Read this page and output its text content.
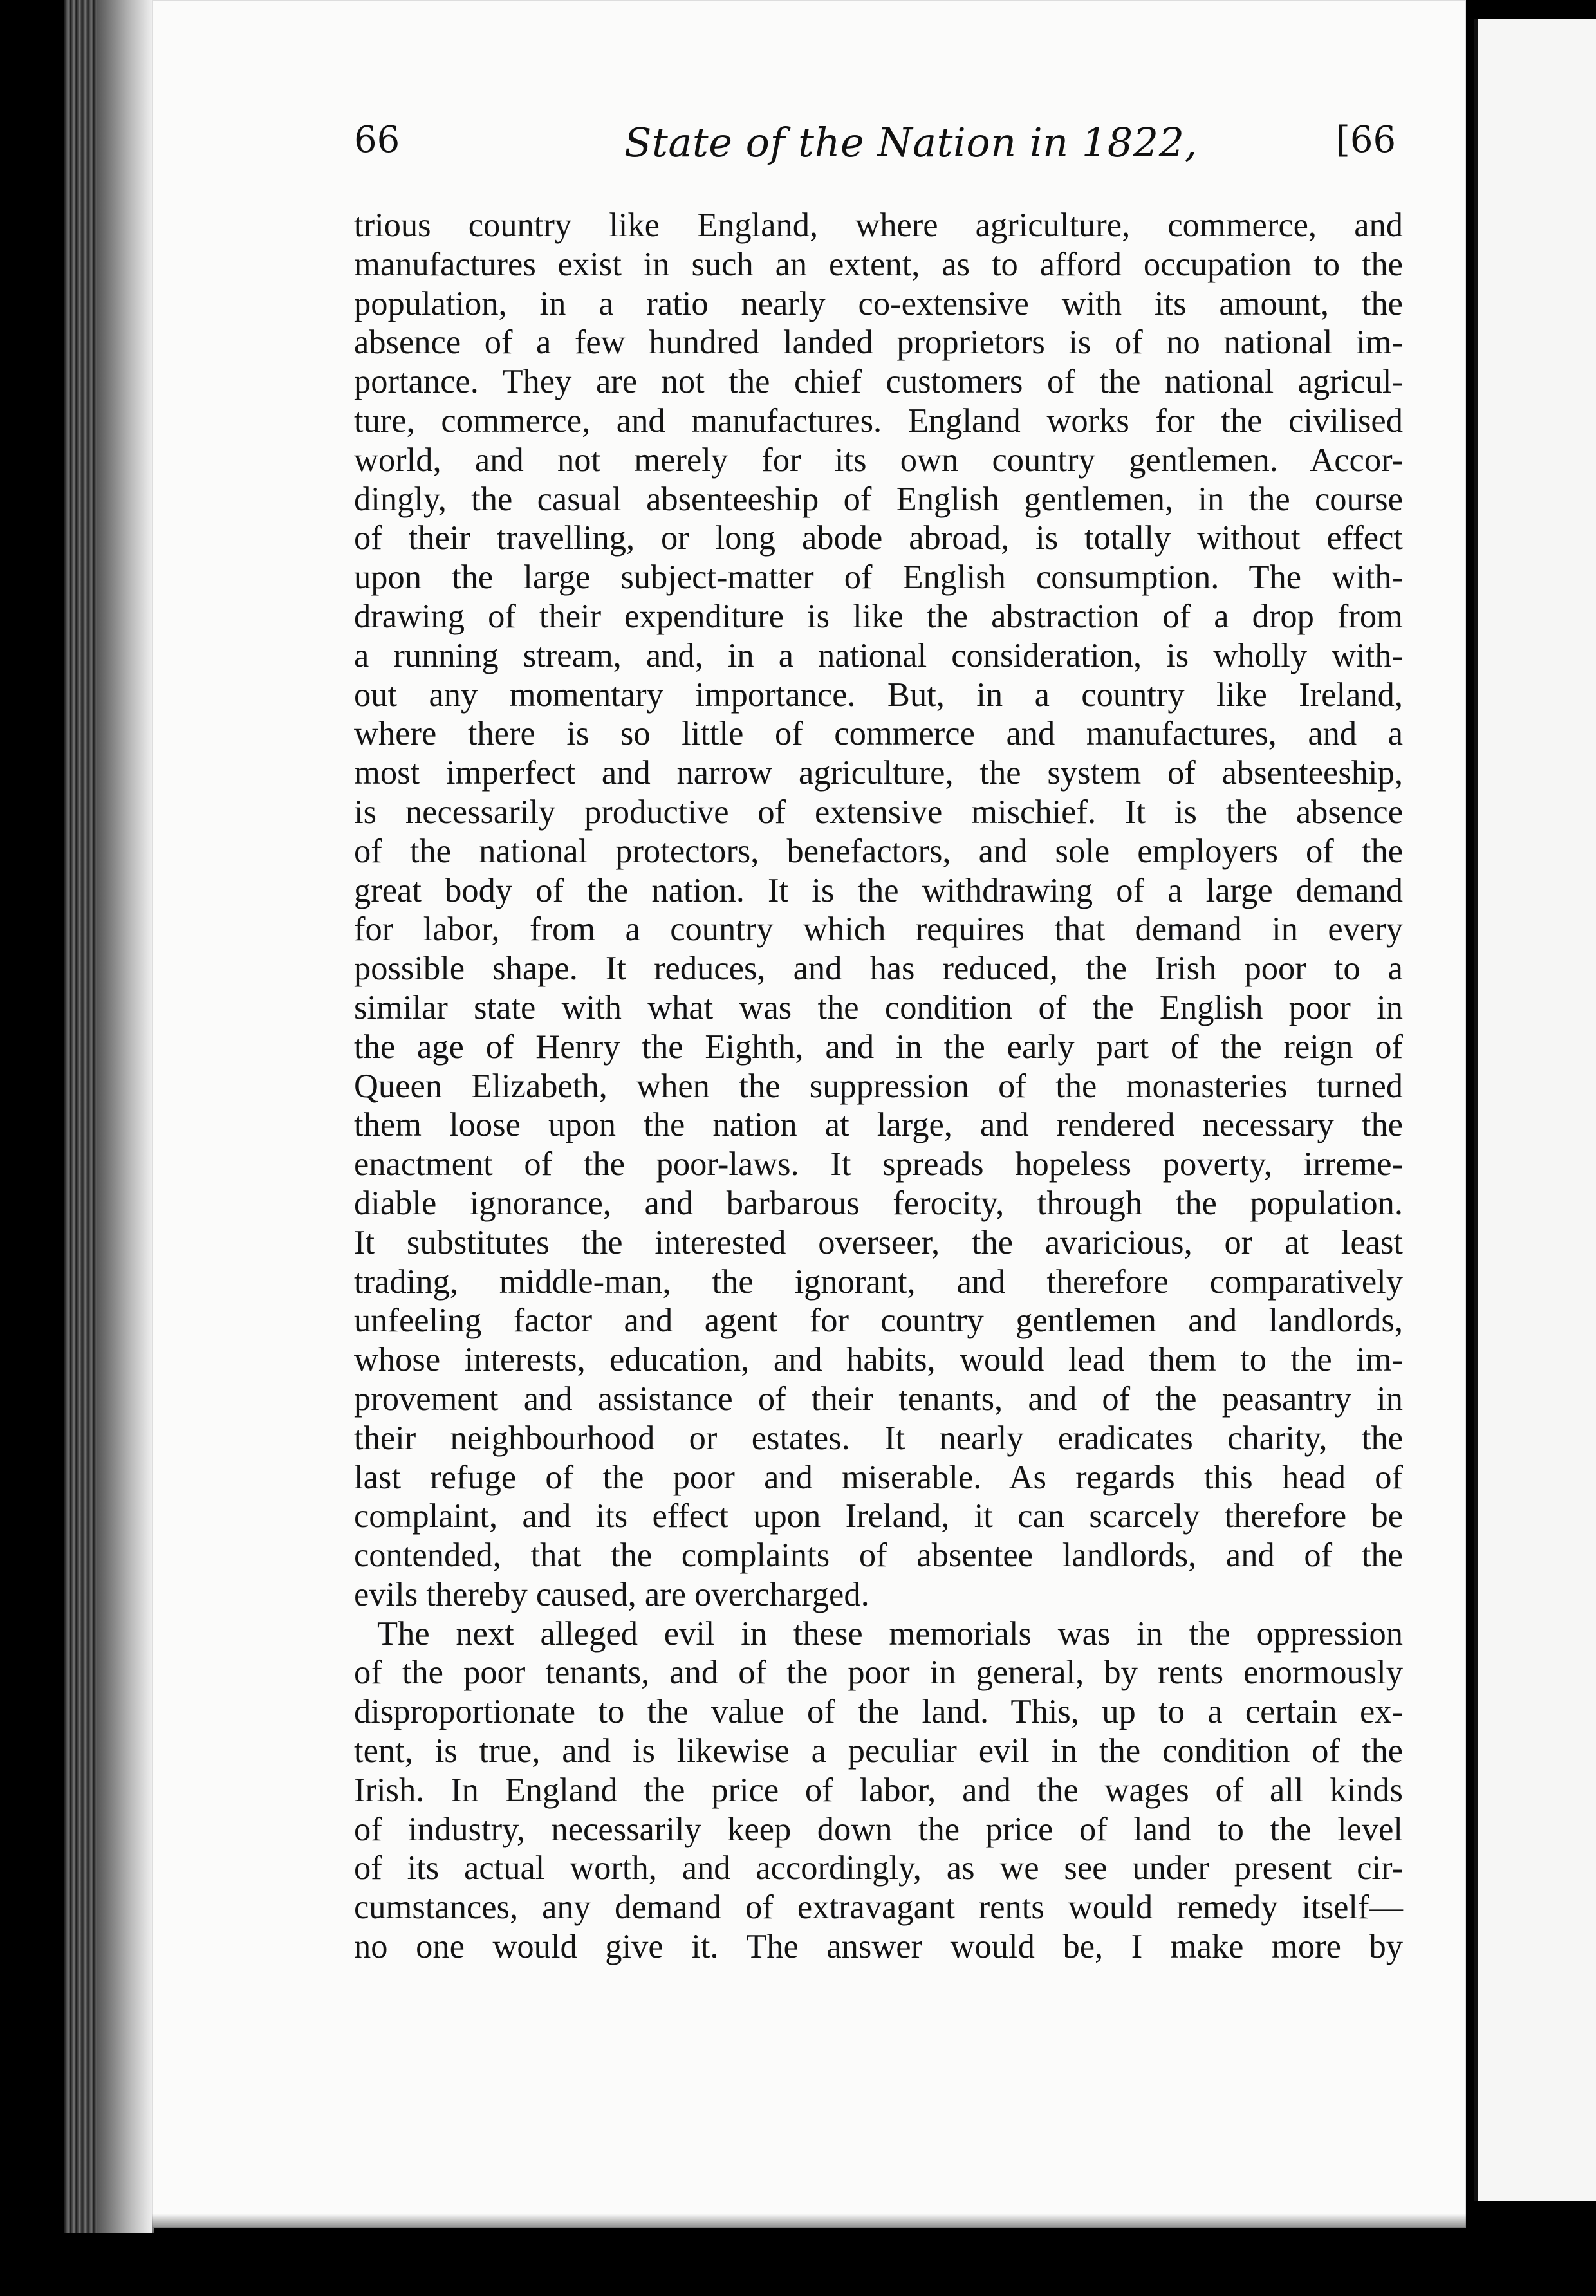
66	State of the Nation in 1822,	[66
trious country like England, where agriculture, commerce, and
manufactures exist in such an extent, as to afford occupation to the
population, in a ratio nearly co-extensive with its amount, the
absence of a few hundred landed proprietors is of no national im-
portance. They are not the chief customers of the national agricul-
ture, commerce, and manufactures. England works for the civilised
world, and not merely for its own country gentlemen. Accor-
dingly, the casual absenteeship of English gentlemen, in the course
of their travelling, or long abode abroad, is totally without effect
upon the large subject-matter of English consumption. The with-
drawing of their expenditure is like the abstraction of a drop from
a running stream, and, in a national consideration, is wholly with-
out any momentary importance. But, in a country like Ireland,
where there is so little of commerce and manufactures, and a
most imperfect and narrow agriculture, the system of absenteeship,
is necessarily productive of extensive mischief. It is the absence
of the national protectors, benefactors, and sole employers of the
great body of the nation. It is the withdrawing of a large demand
for labor, from a country which requires that demand in every
possible shape. It reduces, and has reduced, the Irish poor to a
similar state with what was the condition of the English poor in
the age of Henry the Eighth, and in the early part of the reign of
Queen Elizabeth, when the suppression of the monasteries turned
them loose upon the nation at large, and rendered necessary the
enactment of the poor-laws. It spreads hopeless poverty, irreme-
diable ignorance, and barbarous ferocity, through the population.
It substitutes the interested overseer, the avaricious, or at least
trading, middle-man, the ignorant, and therefore comparatively
unfeeling factor and agent for country gentlemen and landlords,
whose interests, education, and habits, would lead them to the im-
provement and assistance of their tenants, and of the peasantry in
their neighbourhood or estates. It nearly eradicates charity, the
last refuge of the poor and miserable. As regards this head of
complaint, and its effect upon Ireland, it can scarcely therefore be
contended, that the complaints of absentee landlords, and of the
evils thereby caused, are overcharged.
The next alleged evil in these memorials was in the oppression
of the poor tenants, and of the poor in general, by rents enormously
disproportionate to the value of the land. This, up to a certain ex-
tent, is true, and is likewise a peculiar evil in the condition of the
Irish. In England the price of labor, and the wages of all kinds
of industry, necessarily keep down the price of land to the level
of its actual worth, and accordingly, as we see under present cir-
cumstances, any demand of extravagant rents would remedy itself—
no one would give it. The answer would be, I make more by
